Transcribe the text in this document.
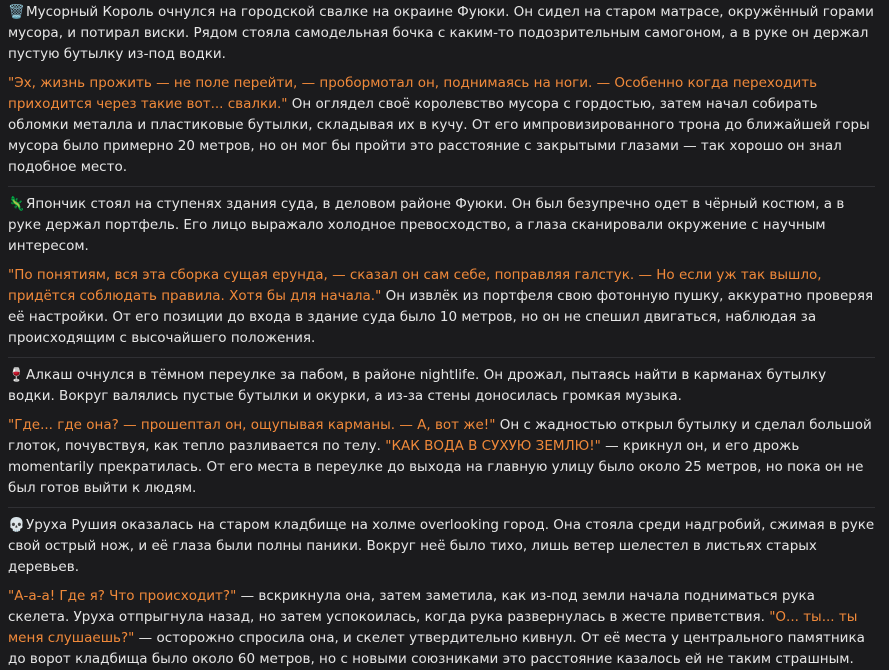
🗑️Мусорный Король очнулся на городской свалке на окраине Фуюки. Он сидел на старом матрасе, окружённый горами мусора, и потирал виски. Рядом стояла самодельная бочка с каким-то подозрительным самогоном, а в руке он держал пустую бутылку из-под водки.

"Эх, жизнь прожить — не поле перейти, — пробормотал он, поднимаясь на ноги. — Особенно когда переходить приходится через такие вот... свалки." Он оглядел своё королевство мусора с гордостью, затем начал собирать обломки металла и пластиковые бутылки, складывая их в кучу. От его импровизированного трона до ближайшей горы мусора было примерно 20 метров, но он мог бы пройти это расстояние с закрытыми глазами — так хорошо он знал подобное место.

🦎Япончик стоял на ступенях здания суда, в деловом районе Фуюки. Он был безупречно одет в чёрный костюм, а в руке держал портфель. Его лицо выражало холодное превосходство, а глаза сканировали окружение с научным интересом.

"По понятиям, вся эта сборка сущая ерунда, — сказал он сам себе, поправляя галстук. — Но если уж так вышло, придётся соблюдать правила. Хотя бы для начала." Он извлёк из портфеля свою фотонную пушку, аккуратно проверяя её настройки. От его позиции до входа в здание суда было 10 метров, но он не спешил двигаться, наблюдая за происходящим с высочайшего положения.

🍷Алкаш очнулся в тёмном переулке за пабом, в районе nightlife. Он дрожал, пытаясь найти в карманах бутылку водки. Вокруг валялись пустые бутылки и окурки, а из-за стены доносилась громкая музыка.

"Где... где она? — прошептал он, ощупывая карманы. — А, вот же!" Он с жадностью открыл бутылку и сделал большой глоток, почувствуя, как тепло разливается по телу. "КАК ВОДА В СУХУЮ ЗЕМЛЮ!" — крикнул он, и его дрожь momentarily прекратилась. От его места в переулке до выхода на главную улицу было около 25 метров, но пока он не был готов выйти к людям.

💀Уруха Рушия оказалась на старом кладбище на холме overlooking город. Она стояла среди надгробий, сжимая в руке свой острый нож, и её глаза были полны паники. Вокруг неё было тихо, лишь ветер шелестел в листьях старых деревьев.

"А-а-а! Где я? Что происходит?" — вскрикнула она, затем заметила, как из-под земли начала подниматься рука скелета. Уруха отпрыгнула назад, но затем успокоилась, когда рука развернулась в жесте приветствия. "О... ты... ты меня слушаешь?" — осторожно спросила она, и скелет утвердительно кивнул. От её места у центрального памятника до ворот кладбища было около 60 метров, но с новыми союзниками это расстояние казалось ей не таким страшным.
